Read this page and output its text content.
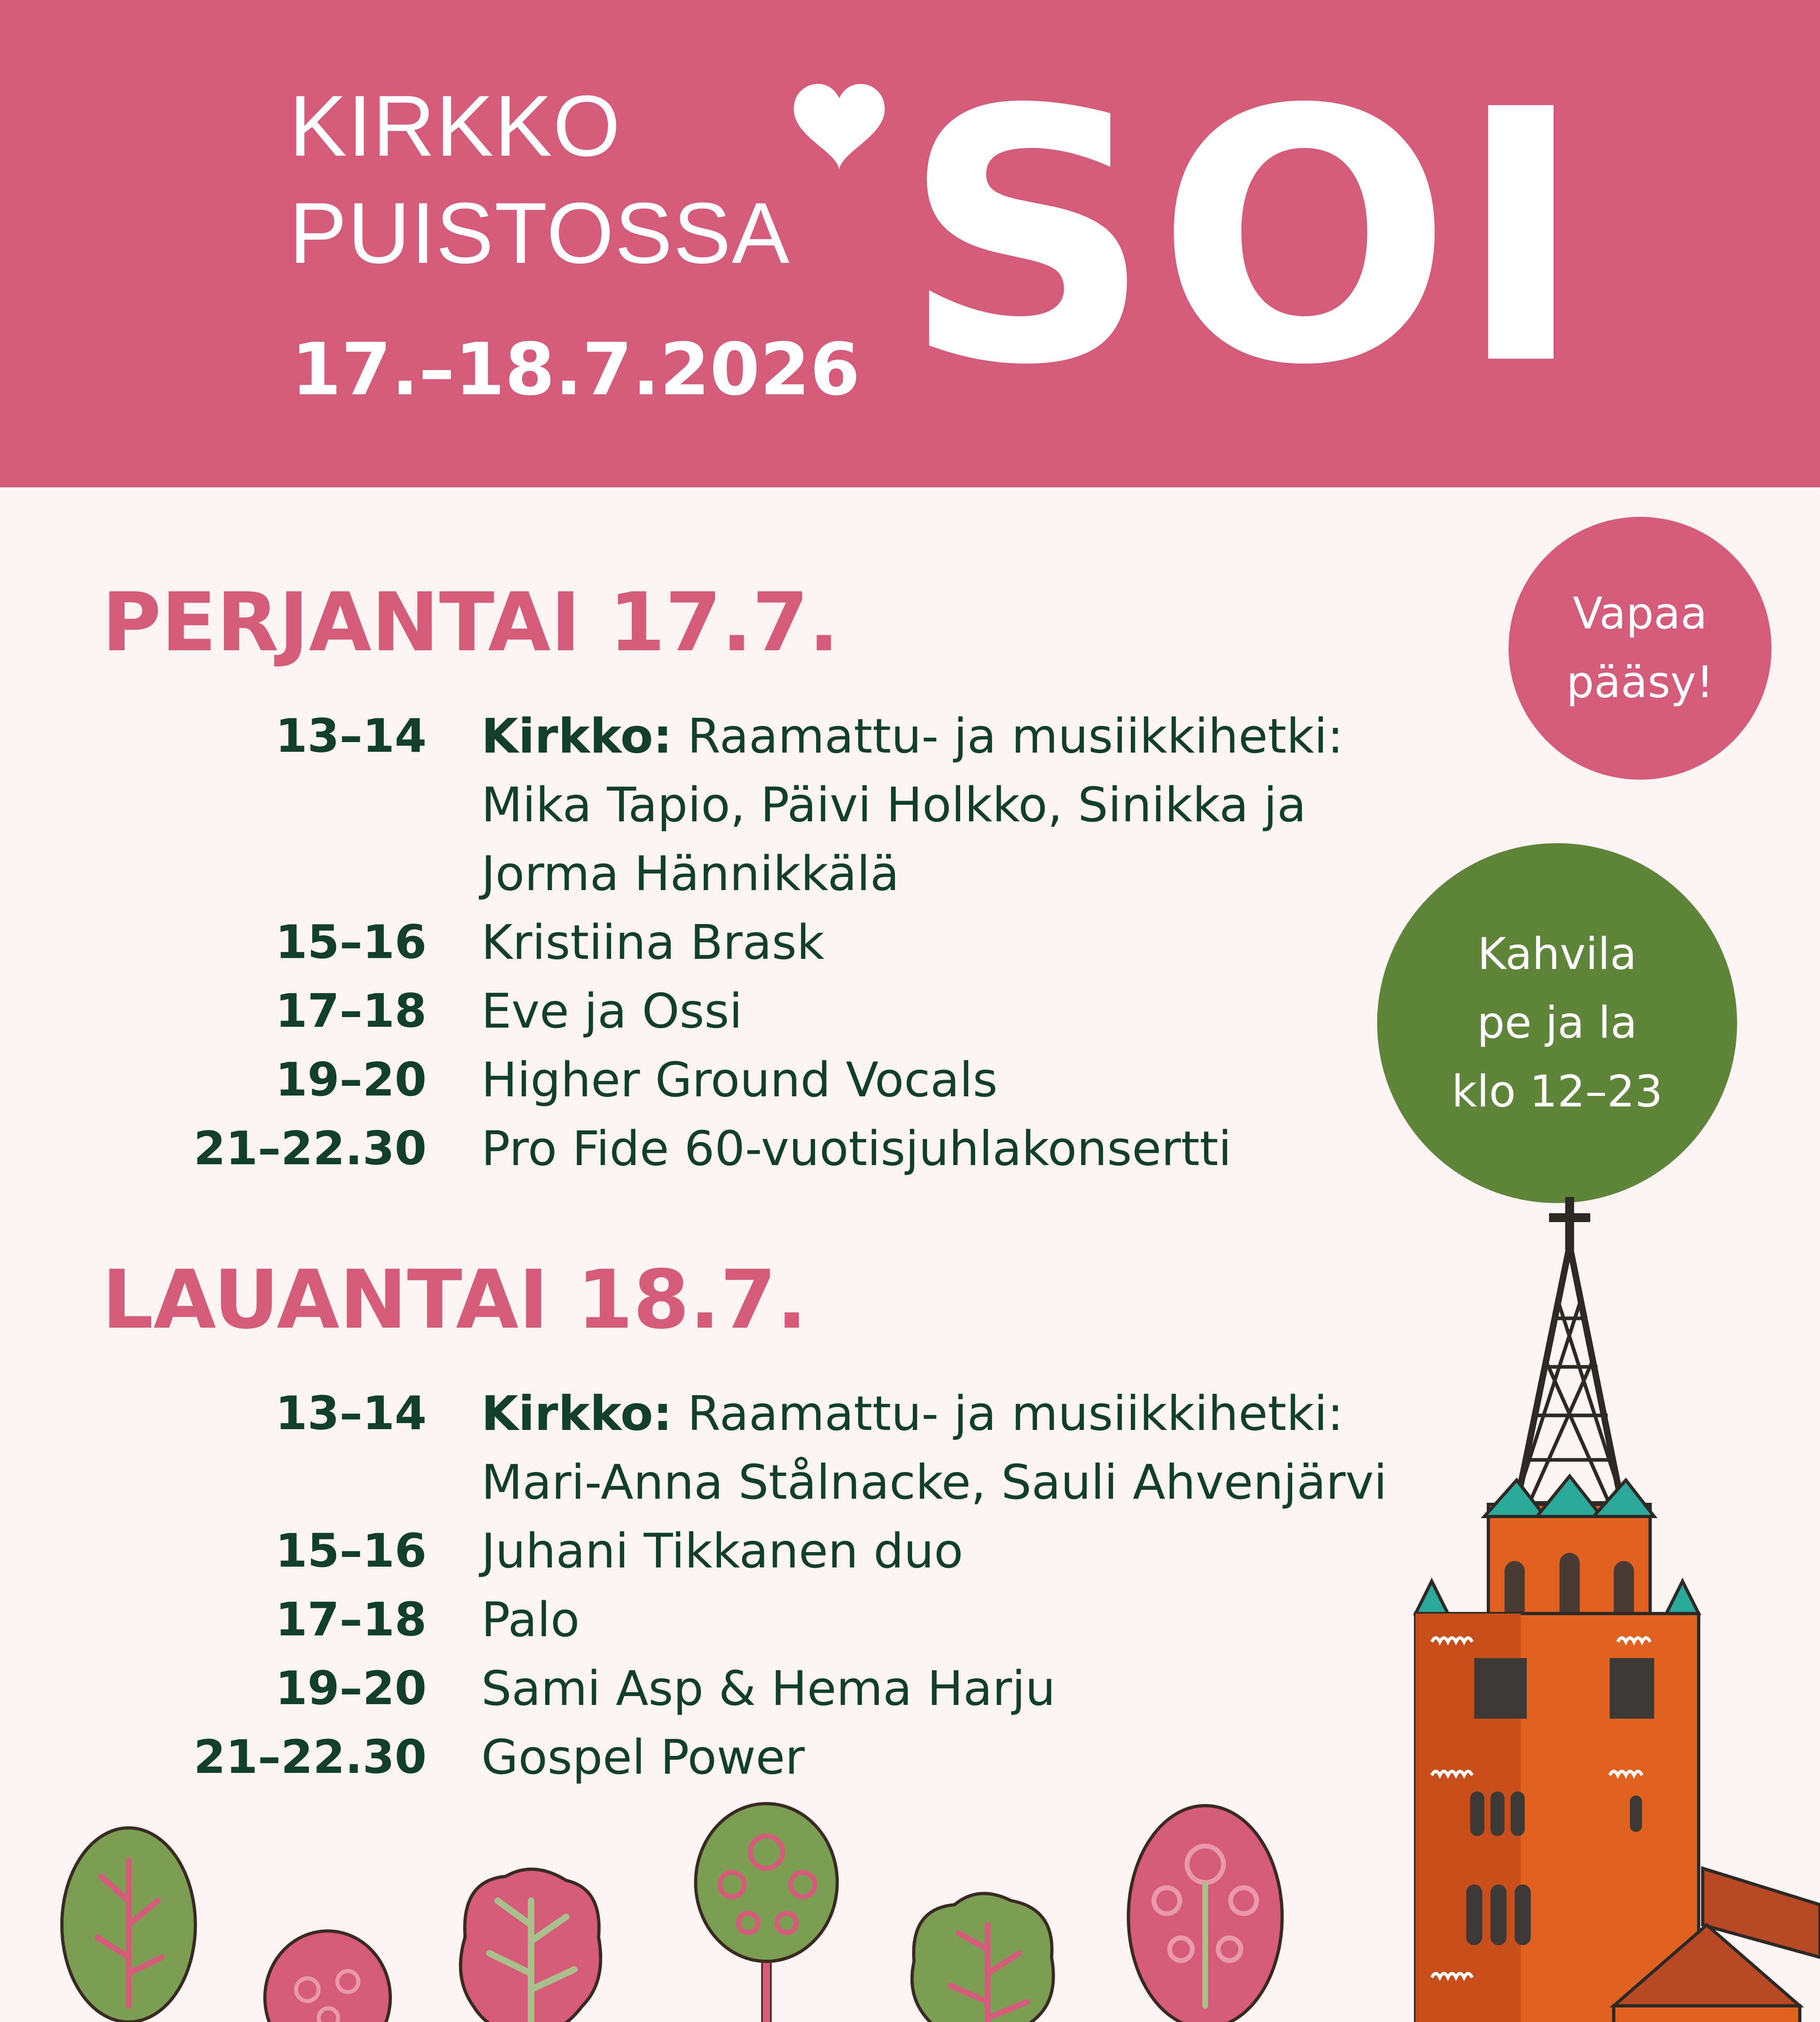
KIRKKO
PUISTOSSA SOI
17.–18.7.2026
PERJANTAI 17.7.
13–14 Kirkko: Raamattu- ja musiikkihetki:
Mika Tapio, Päivi Holkko, Sinikka ja
Jorma Hännikkälä
15–16 Kristiina Brask
17–18 Eve ja Ossi
19–20 Higher Ground Vocals
21–22.30 Pro Fide 60-vuotisjuhlakonsertti
LAUANTAI 18.7.
13–14 Kirkko: Raamattu- ja musiikkihetki:
Mari-Anna Stålnacke, Sauli Ahvenjärvi
15–16 Juhani Tikkanen duo
17–18 Palo
19–20 Sami Asp & Hema Harju
21–22.30 Gospel Power
Vapaa
pääsy!
Kahvila
pe ja la
klo 12–23
